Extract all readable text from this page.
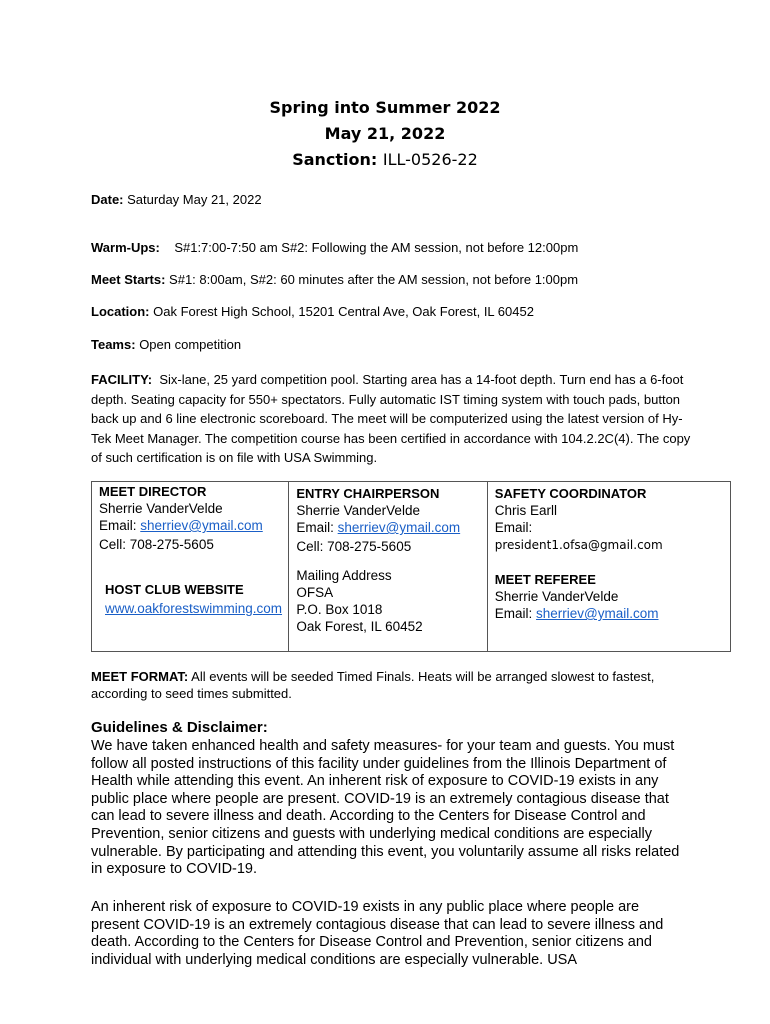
Spring into Summer 2022
May 21, 2022
Sanction: ILL-0526-22
Date: Saturday May 21, 2022
Warm-Ups: S#1:7:00-7:50 am S#2: Following the AM session, not before 12:00pm
Meet Starts: S#1: 8:00am, S#2: 60 minutes after the AM session, not before 1:00pm
Location: Oak Forest High School, 15201 Central Ave, Oak Forest, IL 60452
Teams: Open competition
FACILITY: Six-lane, 25 yard competition pool. Starting area has a 14-foot depth. Turn end has a 6-foot depth. Seating capacity for 550+ spectators. Fully automatic IST timing system with touch pads, button back up and 6 line electronic scoreboard. The meet will be computerized using the latest version of Hy-Tek Meet Manager. The competition course has been certified in accordance with 104.2.2C(4). The copy of such certification is on file with USA Swimming.
MEET DIRECTOR
Sherrie VanderVelde
Email: sherriev@ymail.com
Cell: 708-275-5605
HOST CLUB WEBSITE
www.oakforestswimming.com

ENTRY CHAIRPERSON
Sherrie VanderVelde
Email: sherriev@ymail.com
Cell: 708-275-5605
Mailing Address
OFSA
P.O. Box 1018
Oak Forest, IL 60452

SAFETY COORDINATOR
Chris Earll
Email:
president1.ofsa@gmail.com
MEET REFEREE
Sherrie VanderVelde
Email: sherriev@ymail.com
MEET FORMAT: All events will be seeded Timed Finals. Heats will be arranged slowest to fastest, according to seed times submitted.
Guidelines & Disclaimer:
We have taken enhanced health and safety measures- for your team and guests. You must follow all posted instructions of this facility under guidelines from the Illinois Department of Health while attending this event. An inherent risk of exposure to COVID-19 exists in any public place where people are present. COVID-19 is an extremely contagious disease that can lead to severe illness and death. According to the Centers for Disease Control and Prevention, senior citizens and guests with underlying medical conditions are especially vulnerable. By participating and attending this event, you voluntarily assume all risks related in exposure to COVID-19.
An inherent risk of exposure to COVID-19 exists in any public place where people are present COVID-19 is an extremely contagious disease that can lead to severe illness and death. According to the Centers for Disease Control and Prevention, senior citizens and individual with underlying medical conditions are especially vulnerable. USA
